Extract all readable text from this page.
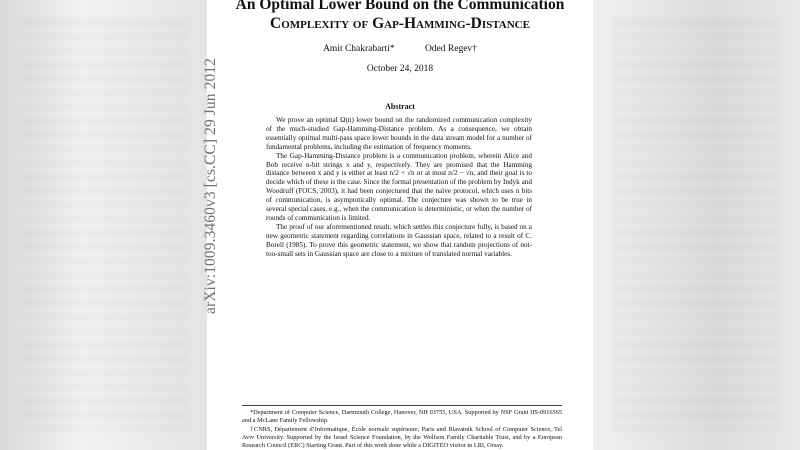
An Optimal Lower Bound on the Communication
Complexity of Gap-Hamming-Distance
Amit Chakrabarti*	Oded Regev†
October 24, 2018
Abstract

We prove an optimal Ω(n) lower bound on the randomized communication complexity of the much-studied Gap-Hamming-Distance problem. As a consequence, we obtain essentially optimal multi-pass space lower bounds in the data stream model for a number of fundamental problems, including the estimation of frequency moments.

The Gap-Hamming-Distance problem is a communication problem, wherein Alice and Bob receive n-bit strings x and y, respectively. They are promised that the Hamming distance between x and y is either at least n/2 + √n or at most n/2 − √n, and their goal is to decide which of these is the case. Since the formal presentation of the problem by Indyk and Woodruff (FOCS, 2003), it had been conjectured that the naïve protocol, which uses n bits of communication, is asymptotically optimal. The conjecture was shown to be true in several special cases, e.g., when the communication is deterministic, or when the number of rounds of communication is limited.

The proof of our aforementioned result, which settles this conjecture fully, is based on a new geometric statement regarding correlations in Gaussian space, related to a result of C. Borell (1985). To prove this geometric statement, we show that random projections of not-too-small sets in Gaussian space are close to a mixture of translated normal variables.

*Department of Computer Science, Dartmouth College, Hanover, NH 03755, USA. Supported by NSF Grant IIS-0916565 and a McLane Family Fellowship.

†CNRS, Département d’Informatique, École normale supérieure, Paris and Blavatnik School of Computer Science, Tel Aviv University. Supported by the Israel Science Foundation, by the Wolfson Family Charitable Trust, and by a European Research Council (ERC) Starting Grant. Part of this work done while a DIGITEO visitor in LRI, Orsay.

arXiv:1009.3460v3 [cs.CC] 29 Jun 2012
